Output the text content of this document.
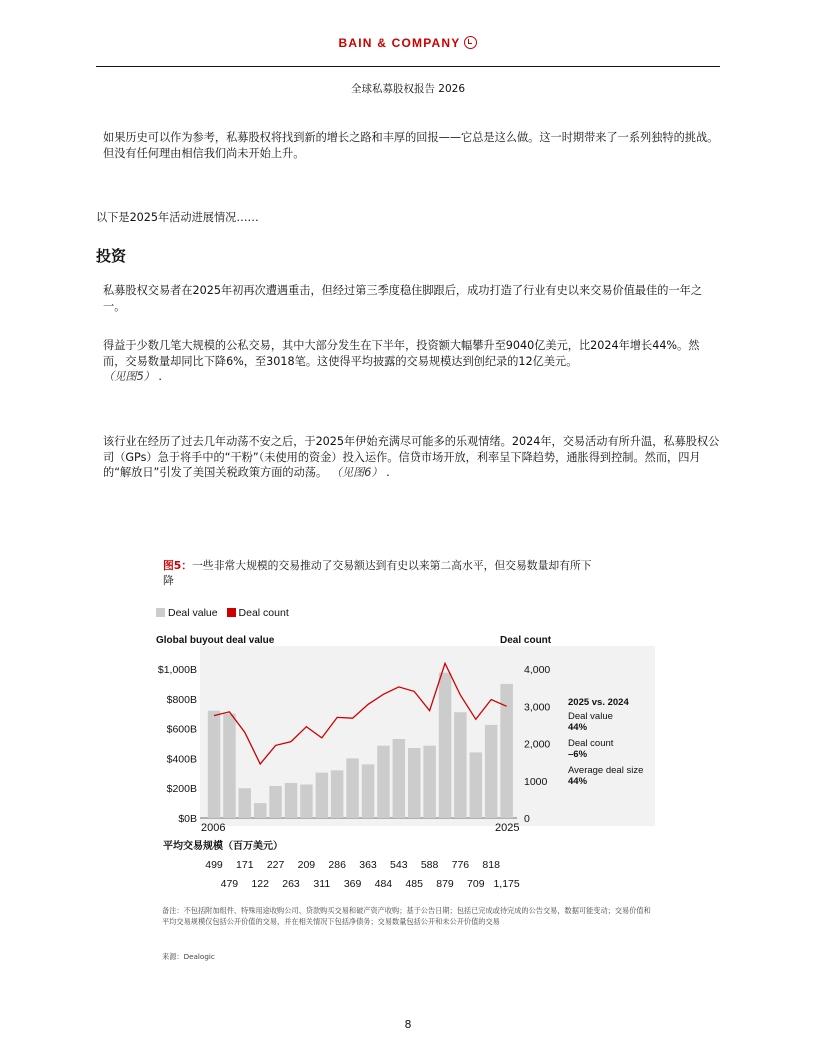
BAIN & COMPANY
全球私募股权报告 2026
如果历史可以作为参考，私募股权将找到新的增长之路和丰厚的回报——它总是这么做。这一时期带来了一系列独特的挑战。但没有任何理由相信我们尚未开始上升。
以下是2025年活动进展情况……
投资
私募股权交易者在2025年初再次遭遇重击，但经过第三季度稳住脚跟后，成功打造了行业有史以来交易价值最佳的一年之一。
得益于少数几笔大规模的公私交易，其中大部分发生在下半年，投资额大幅攀升至9040亿美元，比2024年增长44%。然而，交易数量却同比下降6%，至3018笔。这使得平均披露的交易规模达到创纪录的12亿美元。
（见图5） .
该行业在经历了过去几年动荡不安之后，于2025年伊始充满尽可能多的乐观情绪。2024年，交易活动有所升温，私募股权公司（GPs）急于将手中的“干粉”（未使用的资金）投入运作。信贷市场开放，利率呈下降趋势，通胀得到控制。然而，四月的“解放日”引发了美国关税政策方面的动荡。 （见图6） .
图5：一些非常大规模的交易推动了交易额达到有史以来第二高水平，但交易数量却有所下降
Deal value Deal count
Global buyout deal value	Deal count
$0B
$200B
$400B
$600B
$800B
$1,000B
0
1000
2,000
3,000
4,000
2006	2025
2025 vs. 2024
Deal value
44%
Deal count
–6%
Average deal size
44%
平均交易规模（百万美元）
499 171 227 209 286 363 543 588 776 818
479 122 263 311 369 484 485 879 709 1,175
备注：不包括附加组件、特殊用途收购公司、贷款购买交易和破产资产收购；基于公告日期；包括已完成或待完成的公告交易，数据可能变动；交易价值和平均交易规模仅包括公开价值的交易，并在相关情况下包括净债务；交易数量包括公开和未公开价值的交易
来源：Dealogic
8
